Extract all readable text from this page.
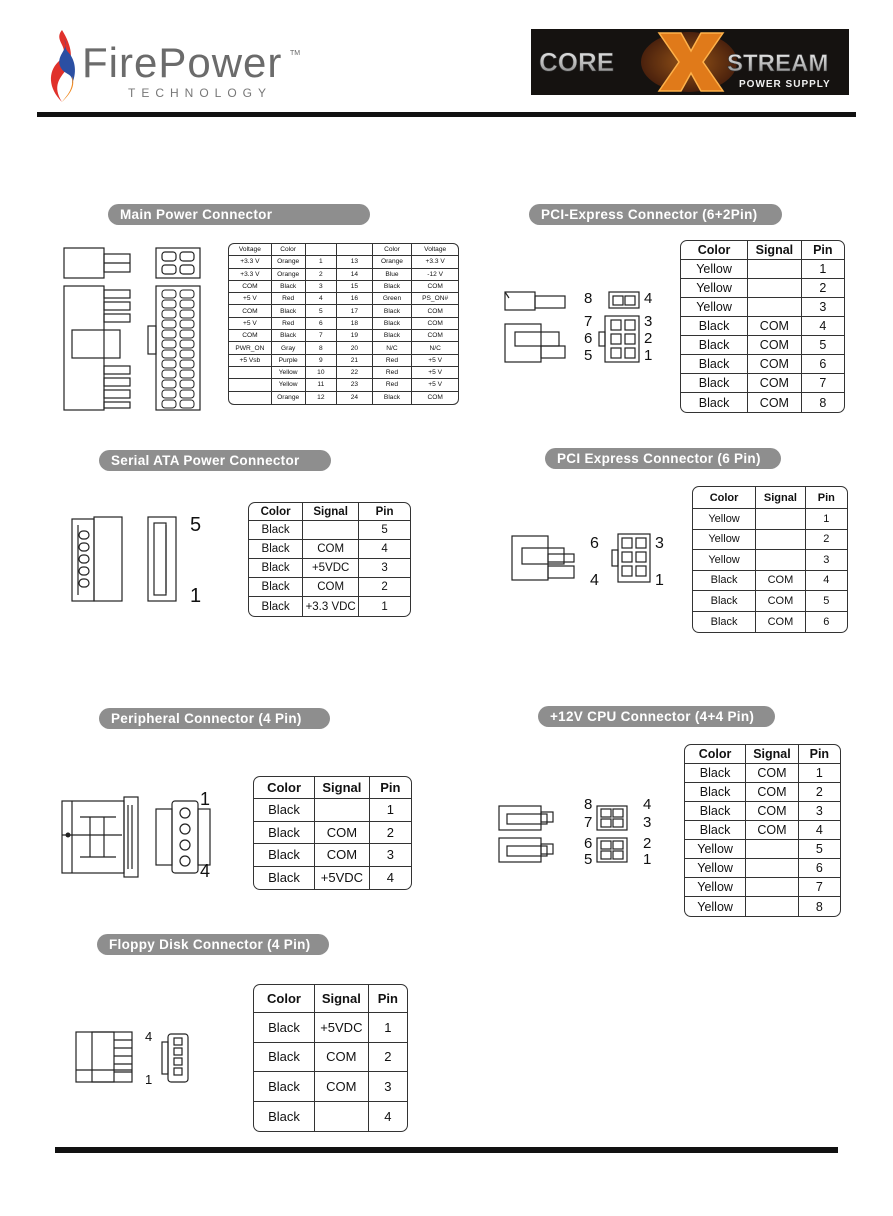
FirePower TM
TECHNOLOGY
CORE	STREAM
POWER SUPPLY
Main Power Connector
Voltage	Color			Color	Voltage
+3.3 V	Orange	1	13	Orange	+3.3 V
+3.3 V	Orange	2	14	Blue	-12 V
COM	Black	3	15	Black	COM
+5 V	Red	4	16	Green	PS_ON#
COM	Black	5	17	Black	COM
+5 V	Red	6	18	Black	COM
COM	Black	7	19	Black	COM
PWR_ON	Gray	8	20	N/C	N/C
+5 Vsb	Purple	9	21	Red	+5 V
	Yellow	10	22	Red	+5 V
	Yellow	11	23	Red	+5 V
	Orange	12	24	Black	COM
PCI-Express Connector (6+2Pin)
8	4
7	3
6	2
5	1
Color	Signal	Pin
Yellow		1
Yellow		2
Yellow		3
Black	COM	4
Black	COM	5
Black	COM	6
Black	COM	7
Black	COM	8
Serial ATA Power Connector
5
1
Color	Signal	Pin
Black		5
Black	COM	4
Black	+5VDC	3
Black	COM	2
Black	+3.3 VDC	1
PCI Express Connector (6 Pin)
6	3
4	1
Color	Signal	Pin
Yellow		1
Yellow		2
Yellow		3
Black	COM	4
Black	COM	5
Black	COM	6
Peripheral Connector (4 Pin)
1
4
Color	Signal	Pin
Black		1
Black	COM	2
Black	COM	3
Black	+5VDC	4
+12V CPU Connector (4+4 Pin)
8	4
7	3
6	2
5	1
Color	Signal	Pin
Black	COM	1
Black	COM	2
Black	COM	3
Black	COM	4
Yellow		5
Yellow		6
Yellow		7
Yellow		8
Floppy Disk Connector (4 Pin)
4
1
Color	Signal	Pin
Black	+5VDC	1
Black	COM	2
Black	COM	3
Black		4
